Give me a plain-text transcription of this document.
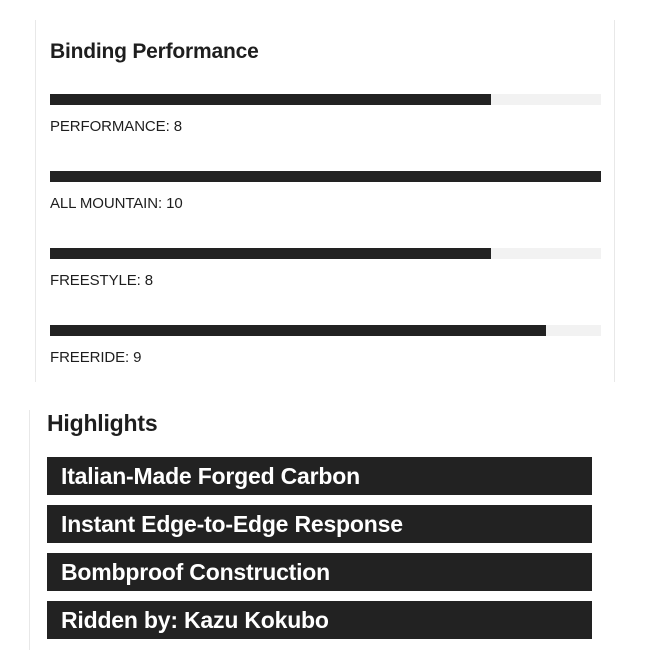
Binding Performance
PERFORMANCE: 8
ALL MOUNTAIN: 10
FREESTYLE: 8
FREERIDE: 9
Highlights
Italian-Made Forged Carbon
Instant Edge-to-Edge Response
Bombproof Construction
Ridden by: Kazu Kokubo
